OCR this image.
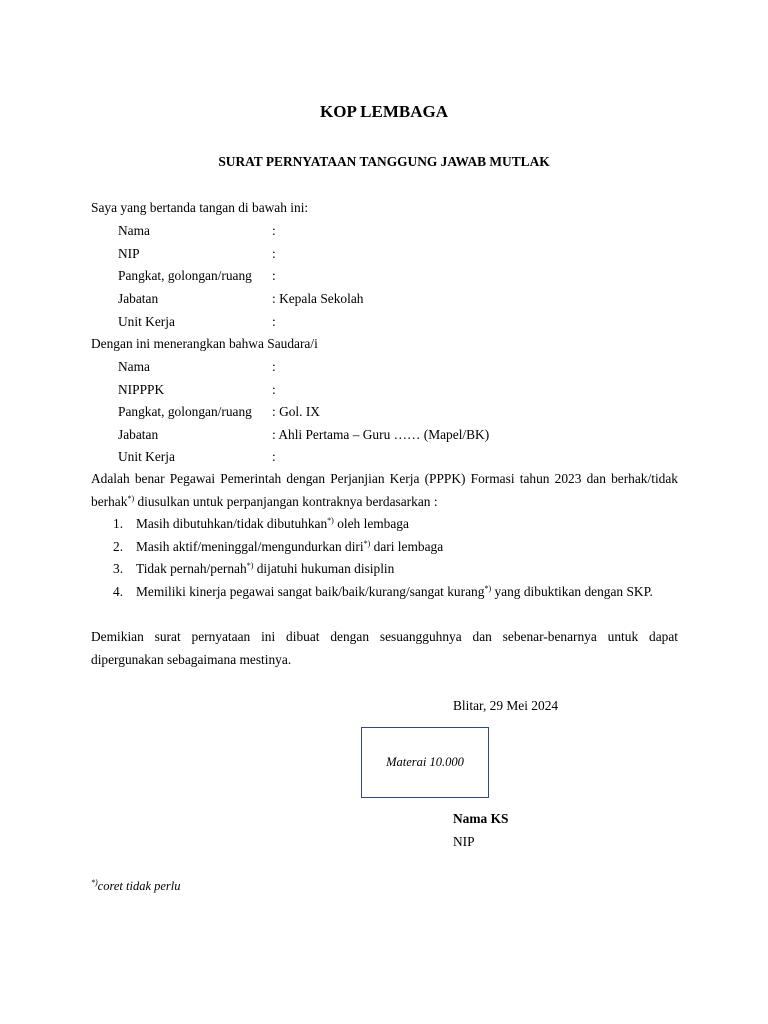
KOP LEMBAGA
SURAT PERNYATAAN TANGGUNG JAWAB MUTLAK
Saya yang bertanda tangan di bawah ini:
Nama	:
NIP	:
Pangkat, golongan/ruang :
Jabatan	: Kepala Sekolah
Unit Kerja	:
Dengan ini menerangkan bahwa Saudara/i
Nama	:
NIPPPK	:
Pangkat, golongan/ruang : Gol. IX
Jabatan	: Ahli Pertama – Guru …… (Mapel/BK)
Unit Kerja	:
Adalah benar Pegawai Pemerintah dengan Perjanjian Kerja (PPPK) Formasi tahun 2023 dan berhak/tidak berhak*) diusulkan untuk perpanjangan kontraknya berdasarkan :
1. Masih dibutuhkan/tidak dibutuhkan*) oleh lembaga
2. Masih aktif/meninggal/mengundurkan diri*) dari lembaga
3. Tidak pernah/pernah*) dijatuhi hukuman disiplin
4. Memiliki kinerja pegawai sangat baik/baik/kurang/sangat kurang*) yang dibuktikan dengan SKP.
Demikian surat pernyataan ini dibuat dengan sesuangguhnya dan sebenar-benarnya untuk dapat dipergunakan sebagaimana mestinya.
Blitar, 29 Mei 2024
Materai 10.000
Nama KS
NIP
*)coret tidak perlu
